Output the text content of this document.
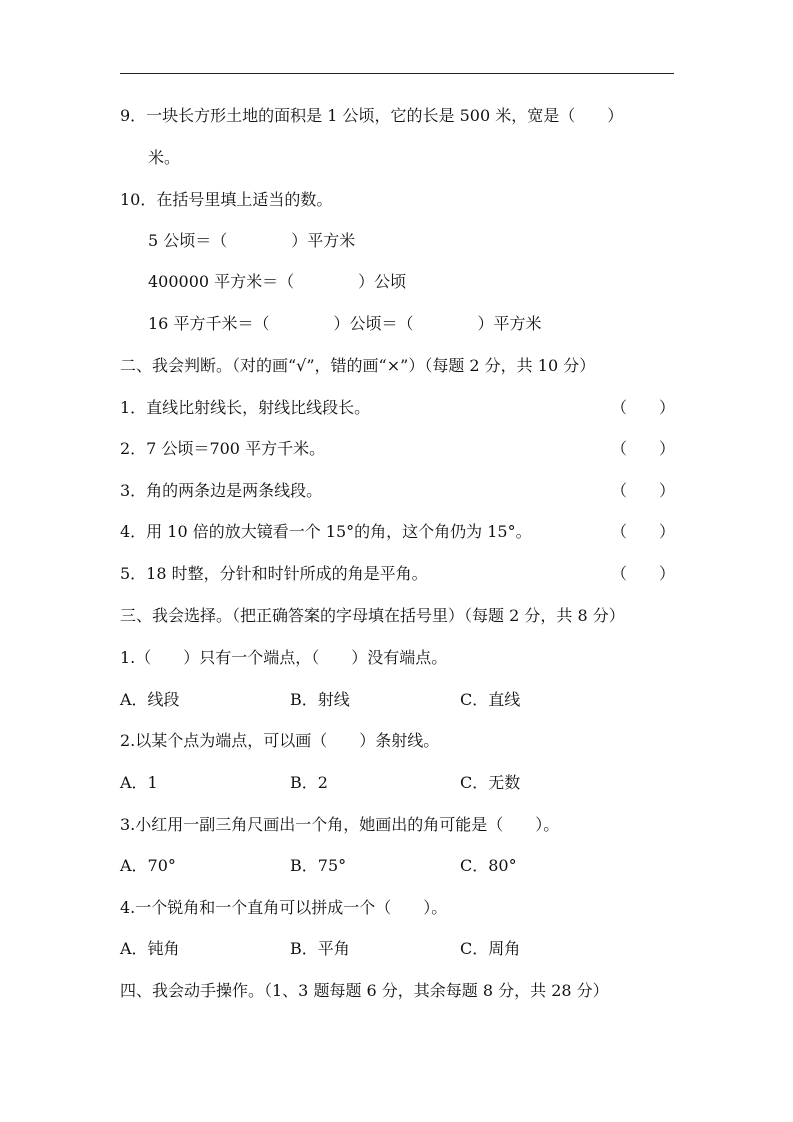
9．一块长方形土地的面积是 1 公顷，它的长是 500 米，宽是（　　）
米。
10．在括号里填上适当的数。
5 公顷＝（　　　　）平方米
400000 平方米＝（　　　　）公顷
16 平方千米＝（　　　　）公顷＝（　　　　）平方米
二、我会判断。（对的画“√”，错的画“×”）（每题 2 分，共 10 分）
1．直线比射线长，射线比线段长。	（　　）
2．7 公顷＝700 平方千米。	（　　）
3．角的两条边是两条线段。	（　　）
4．用 10 倍的放大镜看一个 15°的角，这个角仍为 15°。	（　　）
5．18 时整，分针和时针所成的角是平角。	（　　）
三、我会选择。（把正确答案的字母填在括号里）（每题 2 分，共 8 分）
1.（　　）只有一个端点，（　　）没有端点。
A．线段	B．射线	C．直线
2.以某个点为端点，可以画（　　）条射线。
A．1	B．2	C．无数
3.小红用一副三角尺画出一个角，她画出的角可能是（　　）。
A．70°	B．75°	C．80°
4.一个锐角和一个直角可以拼成一个（　　）。
A．钝角	B．平角	C．周角
四、我会动手操作。（1、3 题每题 6 分，其余每题 8 分，共 28 分）
